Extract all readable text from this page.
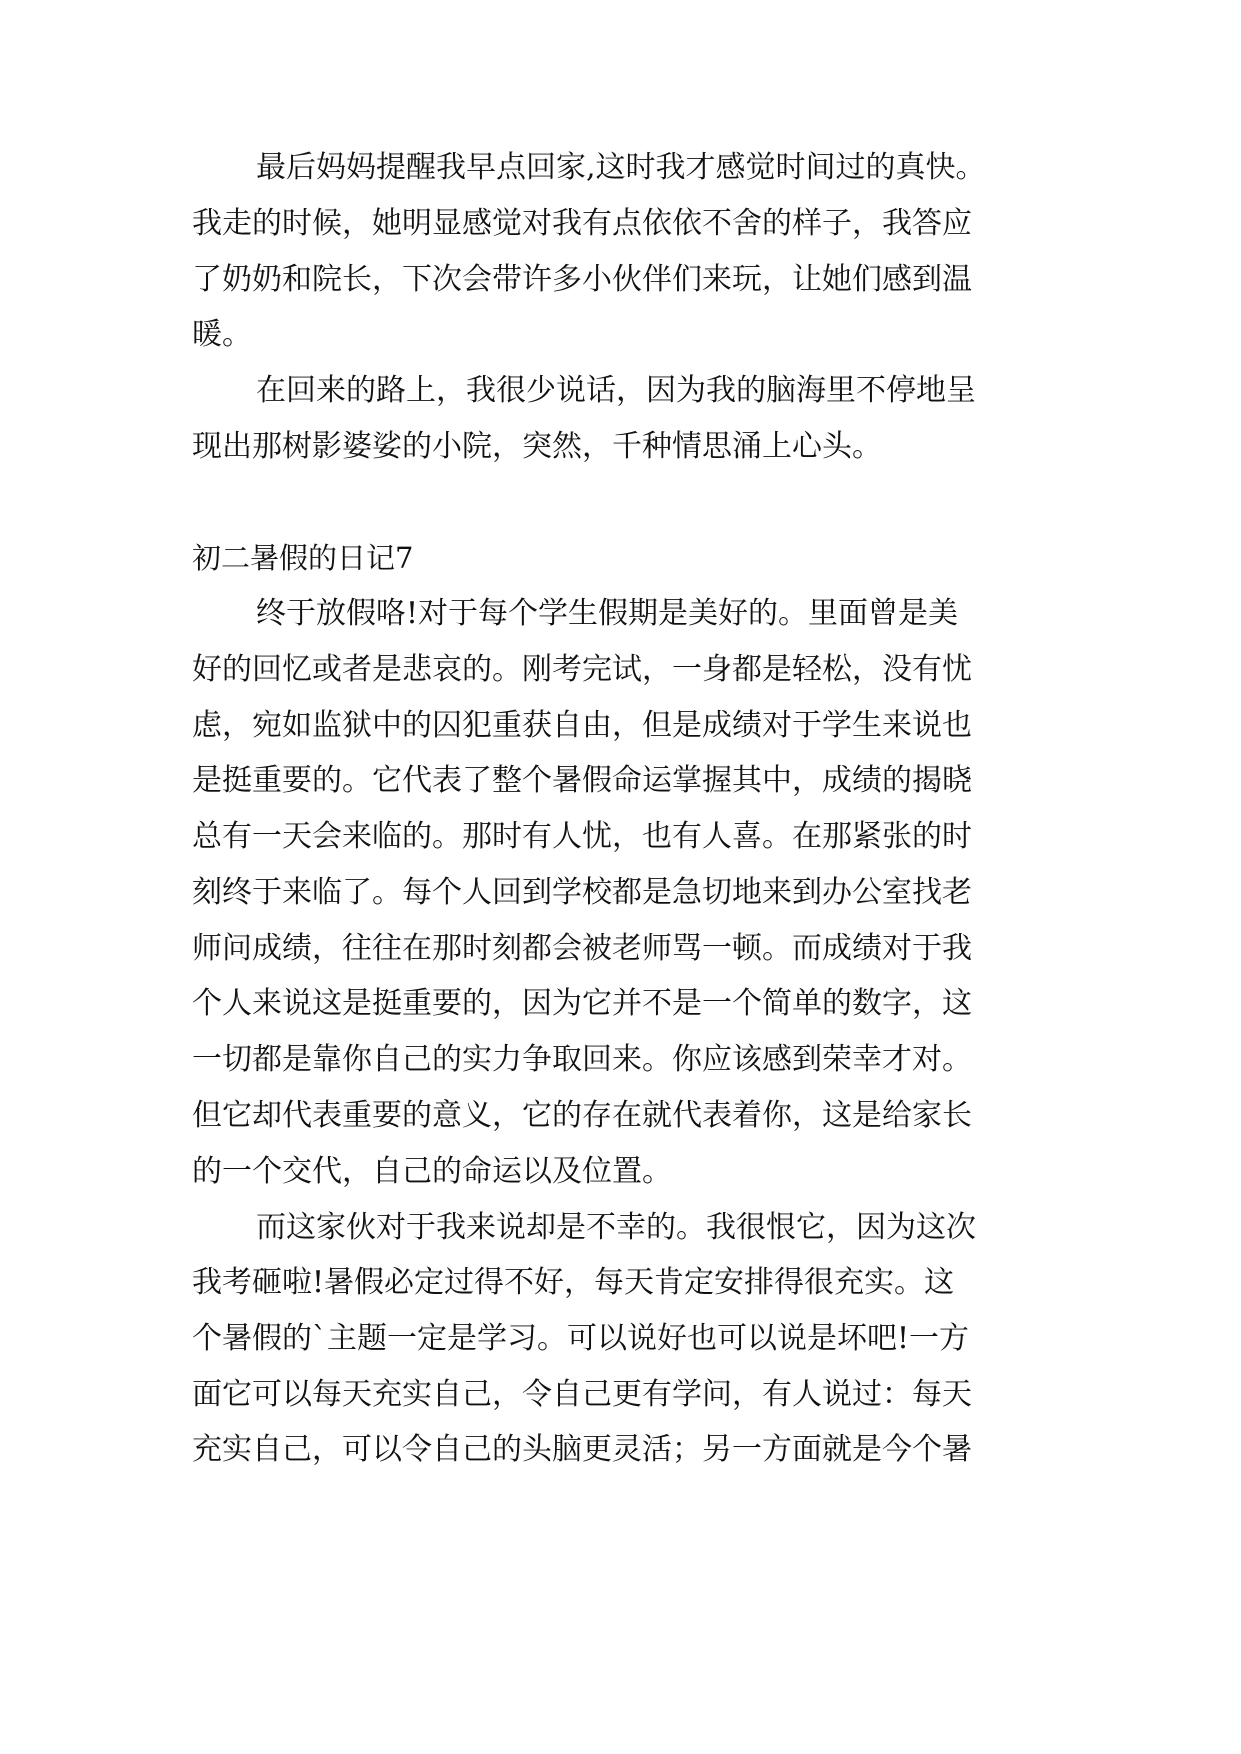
最后妈妈提醒我早点回家,这时我才感觉时间过的真快。

我走的时候，她明显感觉对我有点依依不舍的样子，我答应

了奶奶和院长，下次会带许多小伙伴们来玩，让她们感到温

暖。

在回来的路上，我很少说话，因为我的脑海里不停地呈

现出那树影婆娑的小院，突然，千种情思涌上心头。

初二暑假的日记7

终于放假咯!对于每个学生假期是美好的。里面曾是美

好的回忆或者是悲哀的。刚考完试，一身都是轻松，没有忧

虑，宛如监狱中的囚犯重获自由，但是成绩对于学生来说也

是挺重要的。它代表了整个暑假命运掌握其中，成绩的揭晓

总有一天会来临的。那时有人忧，也有人喜。在那紧张的时

刻终于来临了。每个人回到学校都是急切地来到办公室找老

师问成绩，往往在那时刻都会被老师骂一顿。而成绩对于我

个人来说这是挺重要的，因为它并不是一个简单的数字，这

一切都是靠你自己的实力争取回来。你应该感到荣幸才对。

但它却代表重要的意义，它的存在就代表着你，这是给家长

的一个交代，自己的命运以及位置。

而这家伙对于我来说却是不幸的。我很恨它，因为这次

我考砸啦!暑假必定过得不好，每天肯定安排得很充实。这

个暑假的`主题一定是学习。可以说好也可以说是坏吧!一方

面它可以每天充实自己，令自己更有学问，有人说过：每天

充实自己，可以令自己的头脑更灵活；另一方面就是今个暑
